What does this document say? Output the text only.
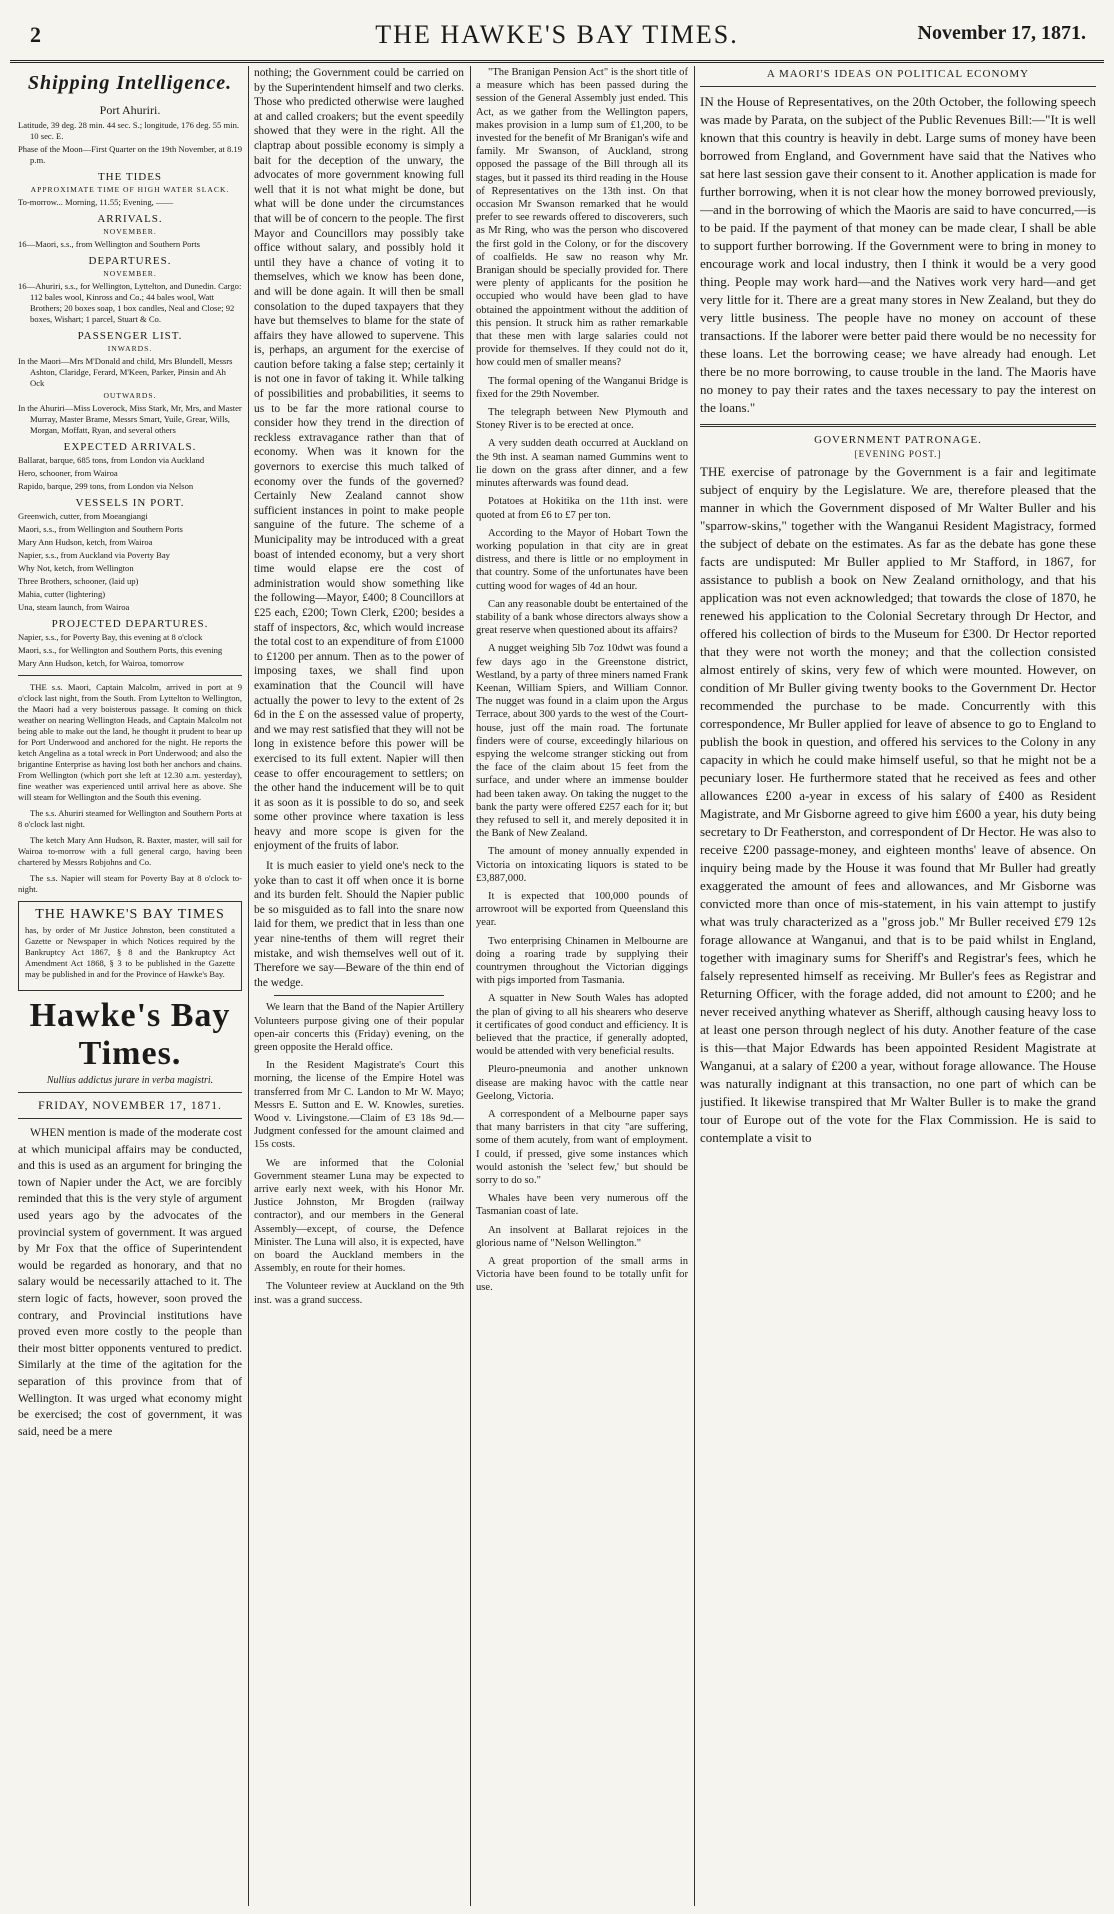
2	THE HAWKE'S BAY TIMES.	November 17, 1871.
Shipping Intelligence.
Port Ahuriri.

Latitude, 39 deg. 28 min. 44 sec. S.; longitude, 176 deg. 55 min. 10 sec. E.

Phase of the Moon—First Quarter on the 19th November, at 8.19 p.m.

THE TIDES
APPROXIMATE TIME OF HIGH WATER SLACK.

To-morrow... Morning, 11.55; Evening, ——

ARRIVALS.
NOVEMBER.

16—Maori, s.s., from Wellington and Southern Ports

DEPARTURES.
NOVEMBER.

16—Ahuriri, s.s., for Wellington, Lyttelton, and Dunedin. Cargo: 112 bales wool, Kinross and Co.; 44 bales wool, Watt Brothers; 20 boxes soap, 1 box candles, Neal and Close; 92 boxes, Wishart; 1 parcel, Stuart & Co.

PASSENGER LIST.
INWARDS.

In the Maori—Mrs M'Donald and child, Mrs Blundell, Messrs Ashton, Claridge, Ferard, M'Keen, Parker, Pinsin and Ah Ock

OUTWARDS.

In the Ahuriri—Miss Loverock, Miss Stark, Mr, Mrs, and Master Murray, Master Brame, Messrs Smart, Yuile, Grear, Wills, Morgan, Moffatt, Ryan, and several others

EXPECTED ARRIVALS.

Ballarat, barque, 685 tons, from London via Auckland

Hero, schooner, from Wairoa

Rapido, barque, 299 tons, from London via Nelson

VESSELS IN PORT.

Greenwich, cutter, from Moeangiangi

Maori, s.s., from Wellington and Southern Ports

Mary Ann Hudson, ketch, from Wairoa

Napier, s.s., from Auckland via Poverty Bay

Why Not, ketch, from Wellington

Three Brothers, schooner, (laid up)

Mahia, cutter (lightering)

Una, steam launch, from Wairoa

PROJECTED DEPARTURES.

Napier, s.s., for Poverty Bay, this evening at 8 o'clock

Maori, s.s., for Wellington and Southern Ports, this evening

Mary Ann Hudson, ketch, for Wairoa, tomorrow

THE s.s. Maori, Captain Malcolm, arrived in port at 9 o'clock last night, from the South. From Lyttelton to Wellington, the Maori had a very boisterous passage. It coming on thick weather on nearing Wellington Heads, and Captain Malcolm not being able to make out the land, he thought it prudent to bear up for Port Underwood and anchored for the night. He reports the ketch Angelina as a total wreck in Port Underwood; and also the brigantine Enterprise as having lost both her anchors and chains. From Wellington (which port she left at 12.30 a.m. yesterday), fine weather was experienced until arrival here as above. She will steam for Wellington and the South this evening.

The s.s. Ahuriri steamed for Wellington and Southern Ports at 8 o'clock last night.

The ketch Mary Ann Hudson, R. Baxter, master, will sail for Wairoa to-morrow with a full general cargo, having been chartered by Messrs Robjohns and Co.

The s.s. Napier will steam for Poverty Bay at 8 o'clock to-night.

THE HAWKE'S BAY TIMES

has, by order of Mr Justice Johnston, been constituted a Gazette or Newspaper in which Notices required by the Bankruptcy Act 1867, § 8 and the Bankruptcy Act Amendment Act 1868, § 3 to be published in the Gazette may be published in and for the Province of Hawke's Bay.

Hawke's Bay Times.
Nullius addictus jurare in verba magistri.
FRIDAY, NOVEMBER 17, 1871.

WHEN mention is made of the moderate cost at which municipal affairs may be conducted, and this is used as an argument for bringing the town of Napier under the Act, we are forcibly reminded that this is the very style of argument used years ago by the advocates of the provincial system of government. It was argued by Mr Fox that the office of Superintendent would be regarded as honorary, and that no salary would be necessarily attached to it. The stern logic of facts, however, soon proved the contrary, and Provincial institutions have proved even more costly to the people than their most bitter opponents ventured to predict. Similarly at the time of the agitation for the separation of this province from that of Wellington. It was urged what economy might be exercised; the cost of government, it was said, need be a mere

nothing; the Government could be carried on by the Superintendent himself and two clerks. Those who predicted otherwise were laughed at and called croakers; but the event speedily showed that they were in the right. All the claptrap about possible economy is simply a bait for the deception of the unwary, the advocates of more government knowing full well that it is not what might be done, but what will be done under the circumstances that will be of concern to the people. The first Mayor and Councillors may possibly take office without salary, and possibly hold it until they have a chance of voting it to themselves, which we know has been done, and will be done again. It will then be small consolation to the duped taxpayers that they have but themselves to blame for the state of affairs they have allowed to supervene. This is, perhaps, an argument for the exercise of caution before taking a false step; certainly it is not one in favor of taking it. While talking of possibilities and probabilities, it seems to us to be far the more rational course to consider how they trend in the direction of reckless extravagance rather than that of economy. When was it known for the governors to exercise this much talked of economy over the funds of the governed? Certainly New Zealand cannot show sufficient instances in point to make people sanguine of the future. The scheme of a Municipality may be introduced with a great boast of intended economy, but a very short time would elapse ere the cost of administration would show something like the following—Mayor, £400; 8 Councillors at £25 each, £200; Town Clerk, £200; besides a staff of inspectors, &c, which would increase the total cost to an expenditure of from £1000 to £1200 per annum. Then as to the power of imposing taxes, we shall find upon examination that the Council will have actually the power to levy to the extent of 2s 6d in the £ on the assessed value of property, and we may rest satisfied that they will not be long in existence before this power will be exercised to its full extent. Napier will then cease to offer encouragement to settlers; on the other hand the inducement will be to quit it as soon as it is possible to do so, and seek some other province where taxation is less heavy and more scope is given for the enjoyment of the fruits of labor.

It is much easier to yield one's neck to the yoke than to cast it off when once it is borne and its burden felt. Should the Napier public be so misguided as to fall into the snare now laid for them, we predict that in less than one year nine-tenths of them will regret their mistake, and wish themselves well out of it. Therefore we say—Beware of the thin end of the wedge.

We learn that the Band of the Napier Artillery Volunteers purpose giving one of their popular open-air concerts this (Friday) evening, on the green opposite the Herald office.

In the Resident Magistrate's Court this morning, the license of the Empire Hotel was transferred from Mr C. Landon to Mr W. Mayo; Messrs E. Sutton and E. W. Knowles, sureties. Wood v. Livingstone.—Claim of £3 18s 9d.—Judgment confessed for the amount claimed and 15s costs.

We are informed that the Colonial Government steamer Luna may be expected to arrive early next week, with his Honor Mr. Justice Johnston, Mr Brogden (railway contractor), and our members in the General Assembly—except, of course, the Defence Minister. The Luna will also, it is expected, have on board the Auckland members in the Assembly, en route for their homes.

The Volunteer review at Auckland on the 9th inst. was a grand success.

"The Branigan Pension Act" is the short title of a measure which has been passed during the session of the General Assembly just ended. This Act, as we gather from the Wellington papers, makes provision in a lump sum of £1,200, to be invested for the benefit of Mr Branigan's wife and family. Mr Swanson, of Auckland, strong opposed the passage of the Bill through all its stages, but it passed its third reading in the House of Representatives on the 13th inst. On that occasion Mr Swanson remarked that he would prefer to see rewards offered to discoverers, such as Mr Ring, who was the person who discovered the first gold in the Colony, or for the discovery of coalfields. He saw no reason why Mr. Branigan should be specially provided for. There were plenty of applicants for the position he occupied who would have been glad to have obtained the appointment without the addition of this pension. It struck him as rather remarkable that these men with large salaries could not provide for themselves. If they could not do it, how could men of smaller means?

The formal opening of the Wanganui Bridge is fixed for the 29th November.

The telegraph between New Plymouth and Stoney River is to be erected at once.

A very sudden death occurred at Auckland on the 9th inst. A seaman named Gummins went to lie down on the grass after dinner, and a few minutes afterwards was found dead.

Potatoes at Hokitika on the 11th inst. were quoted at from £6 to £7 per ton.

According to the Mayor of Hobart Town the working population in that city are in great distress, and there is little or no employment in that country. Some of the unfortunates have been cutting wood for wages of 4d an hour.

Can any reasonable doubt be entertained of the stability of a bank whose directors always show a great reserve when questioned about its affairs?

A nugget weighing 5lb 7oz 10dwt was found a few days ago in the Greenstone district, Westland, by a party of three miners named Frank Keenan, William Spiers, and William Connor. The nugget was found in a claim upon the Argus Terrace, about 300 yards to the west of the Court-house, just off the main road. The fortunate finders were of course, exceedingly hilarious on espying the welcome stranger sticking out from the face of the claim about 15 feet from the surface, and under where an immense boulder had been taken away. On taking the nugget to the bank the party were offered £257 each for it; but they refused to sell it, and merely deposited it in the Bank of New Zealand.

The amount of money annually expended in Victoria on intoxicating liquors is stated to be £3,887,000.

It is expected that 100,000 pounds of arrowroot will be exported from Queensland this year.

Two enterprising Chinamen in Melbourne are doing a roaring trade by supplying their countrymen throughout the Victorian diggings with pigs imported from Tasmania.

A squatter in New South Wales has adopted the plan of giving to all his shearers who deserve it certificates of good conduct and efficiency. It is believed that the practice, if generally adopted, would be attended with very beneficial results.

Pleuro-pneumonia and another unknown disease are making havoc with the cattle near Geelong, Victoria.

A correspondent of a Melbourne paper says that many barristers in that city "are suffering, some of them acutely, from want of employment. I could, if pressed, give some instances which would astonish the 'select few,' but should be sorry to do so."

Whales have been very numerous off the Tasmanian coast of late.

An insolvent at Ballarat rejoices in the glorious name of "Nelson Wellington."

A great proportion of the small arms in Victoria have been found to be totally unfit for use.

A MAORI'S IDEAS ON POLITICAL ECONOMY

IN the House of Representatives, on the 20th October, the following speech was made by Parata, on the subject of the Public Revenues Bill:—"It is well known that this country is heavily in debt. Large sums of money have been borrowed from England, and Government have said that the Natives who sat here last session gave their consent to it. Another application is made for further borrowing, when it is not clear how the money borrowed previously,—and in the borrowing of which the Maoris are said to have concurred,—is to be paid. If the payment of that money can be made clear, I shall be able to support further borrowing. If the Government were to bring in money to encourage work and local industry, then I think it would be a very good thing. People may work hard—and the Natives work very hard—and get very little for it. There are a great many stores in New Zealand, but they do very little business. The people have no money on account of these transactions. If the laborer were better paid there would be no necessity for these loans. Let the borrowing cease; we have already had enough. Let there be no more borrowing, to cause trouble in the land. The Maoris have no money to pay their rates and the taxes necessary to pay the interest on the loans."

GOVERNMENT PATRONAGE.
[EVENING POST.]

THE exercise of patronage by the Government is a fair and legitimate subject of enquiry by the Legislature. We are, therefore pleased that the manner in which the Government disposed of Mr Walter Buller and his "sparrow-skins," together with the Wanganui Resident Magistracy, formed the subject of debate on the estimates. As far as the debate has gone these facts are undisputed: Mr Buller applied to Mr Stafford, in 1867, for assistance to publish a book on New Zealand ornithology, and that his application was not even acknowledged; that towards the close of 1870, he renewed his application to the Colonial Secretary through Dr Hector, and offered his collection of birds to the Museum for £300. Dr Hector reported that they were not worth the money; and that the collection consisted almost entirely of skins, very few of which were mounted. However, on condition of Mr Buller giving twenty books to the Government Dr. Hector recommended the purchase to be made. Concurrently with this correspondence, Mr Buller applied for leave of absence to go to England to publish the book in question, and offered his services to the Colony in any capacity in which he could make himself useful, so that he might not be a pecuniary loser. He furthermore stated that he received as fees and other allowances £200 a-year in excess of his salary of £400 as Resident Magistrate, and Mr Gisborne agreed to give him £600 a year, his duty being secretary to Dr Featherston, and correspondent of Dr Hector. He was also to receive £200 passage-money, and eighteen months' leave of absence. On inquiry being made by the House it was found that Mr Buller had greatly exaggerated the amount of fees and allowances, and Mr Gisborne was convicted more than once of mis-statement, in his vain attempt to justify what was truly characterized as a "gross job." Mr Buller received £79 12s forage allowance at Wanganui, and that is to be paid whilst in England, together with imaginary sums for Sheriff's and Registrar's fees, which he falsely represented himself as receiving. Mr Buller's fees as Registrar and Returning Officer, with the forage added, did not amount to £200; and he never received anything whatever as Sheriff, although causing heavy loss to at least one person through neglect of his duty. Another feature of the case is this—that Major Edwards has been appointed Resident Magistrate at Wanganui, at a salary of £200 a year, without forage allowance. The House was naturally indignant at this transaction, no one part of which can be justified. It likewise transpired that Mr Walter Buller is to make the grand tour of Europe out of the vote for the Flax Commission. He is said to contemplate a visit to
